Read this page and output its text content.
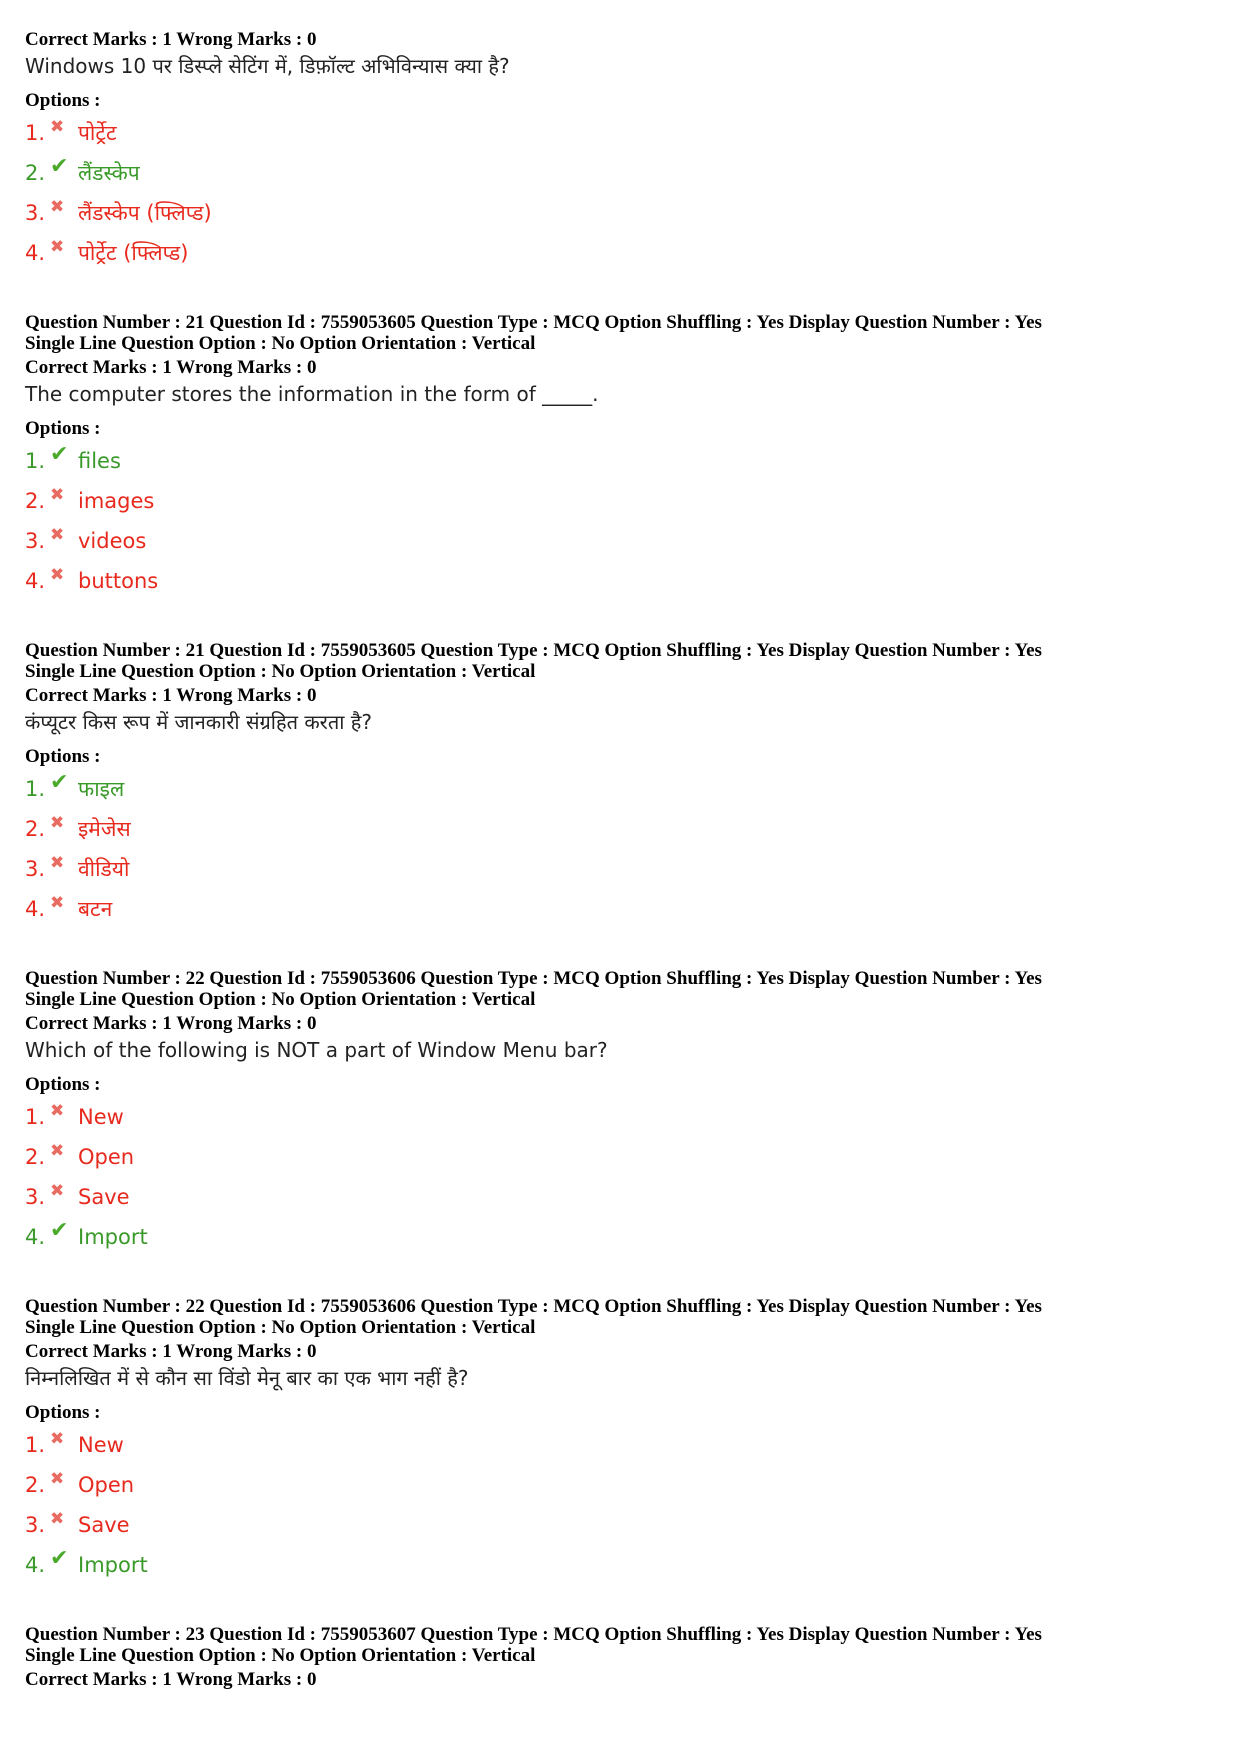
Correct Marks : 1 Wrong Marks : 0
Windows 10 पर डिस्प्ले सेटिंग में, डिफ़ॉल्ट अभिविन्यास क्या है?
Options :
1. ✖ पोर्ट्रेट
2. ✔ लैंडस्केप
3. ✖ लैंडस्केप (फ्लिप्ड)
4. ✖ पोर्ट्रेट (फ्लिप्ड)
Question Number : 21 Question Id : 7559053605 Question Type : MCQ Option Shuffling : Yes Display Question Number : Yes
Single Line Question Option : No Option Orientation : Vertical
Correct Marks : 1 Wrong Marks : 0
The computer stores the information in the form of _____.
Options :
1. ✔ files
2. ✖ images
3. ✖ videos
4. ✖ buttons
Question Number : 21 Question Id : 7559053605 Question Type : MCQ Option Shuffling : Yes Display Question Number : Yes
Single Line Question Option : No Option Orientation : Vertical
Correct Marks : 1 Wrong Marks : 0
कंप्यूटर किस रूप में जानकारी संग्रहित करता है?
Options :
1. ✔ फाइल
2. ✖ इमेजेस
3. ✖ वीडियो
4. ✖ बटन
Question Number : 22 Question Id : 7559053606 Question Type : MCQ Option Shuffling : Yes Display Question Number : Yes
Single Line Question Option : No Option Orientation : Vertical
Correct Marks : 1 Wrong Marks : 0
Which of the following is NOT a part of Window Menu bar?
Options :
1. ✖ New
2. ✖ Open
3. ✖ Save
4. ✔ Import
Question Number : 22 Question Id : 7559053606 Question Type : MCQ Option Shuffling : Yes Display Question Number : Yes
Single Line Question Option : No Option Orientation : Vertical
Correct Marks : 1 Wrong Marks : 0
निम्नलिखित में से कौन सा विंडो मेनू बार का एक भाग नहीं है?
Options :
1. ✖ New
2. ✖ Open
3. ✖ Save
4. ✔ Import
Question Number : 23 Question Id : 7559053607 Question Type : MCQ Option Shuffling : Yes Display Question Number : Yes
Single Line Question Option : No Option Orientation : Vertical
Correct Marks : 1 Wrong Marks : 0
